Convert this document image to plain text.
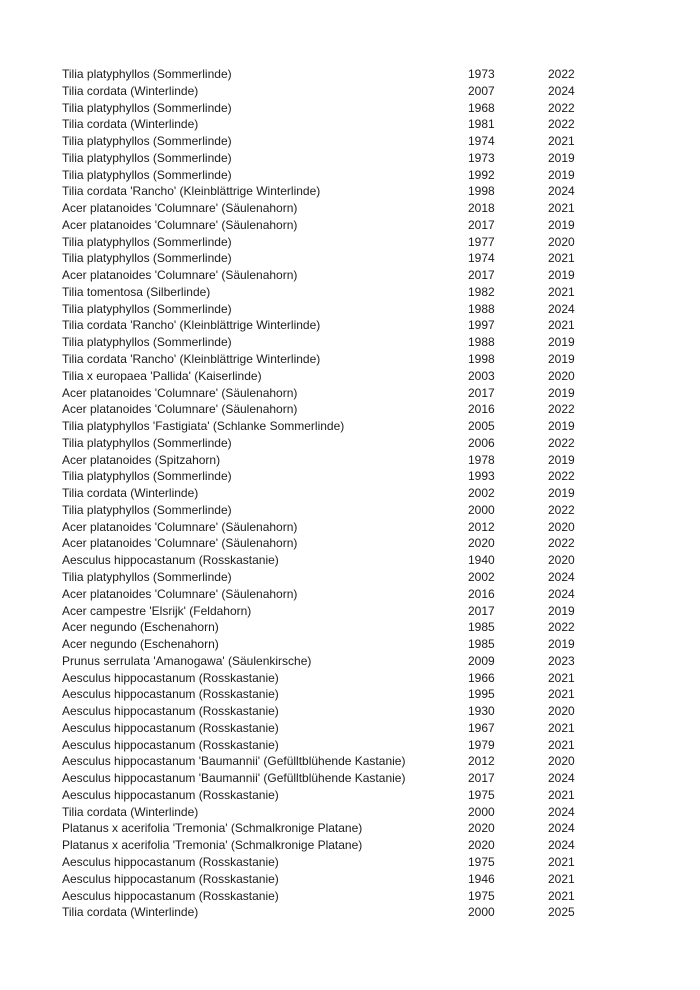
Tilia platyphyllos (Sommerlinde)	1973	2022
Tilia cordata (Winterlinde)	2007	2024
Tilia platyphyllos (Sommerlinde)	1968	2022
Tilia cordata (Winterlinde)	1981	2022
Tilia platyphyllos (Sommerlinde)	1974	2021
Tilia platyphyllos (Sommerlinde)	1973	2019
Tilia platyphyllos (Sommerlinde)	1992	2019
Tilia cordata 'Rancho' (Kleinblättrige Winterlinde)	1998	2024
Acer platanoides 'Columnare' (Säulenahorn)	2018	2021
Acer platanoides 'Columnare' (Säulenahorn)	2017	2019
Tilia platyphyllos (Sommerlinde)	1977	2020
Tilia platyphyllos (Sommerlinde)	1974	2021
Acer platanoides 'Columnare' (Säulenahorn)	2017	2019
Tilia tomentosa (Silberlinde)	1982	2021
Tilia platyphyllos (Sommerlinde)	1988	2024
Tilia cordata 'Rancho' (Kleinblättrige Winterlinde)	1997	2021
Tilia platyphyllos (Sommerlinde)	1988	2019
Tilia cordata 'Rancho' (Kleinblättrige Winterlinde)	1998	2019
Tilia x europaea 'Pallida' (Kaiserlinde)	2003	2020
Acer platanoides 'Columnare' (Säulenahorn)	2017	2019
Acer platanoides 'Columnare' (Säulenahorn)	2016	2022
Tilia platyphyllos 'Fastigiata' (Schlanke Sommerlinde)	2005	2019
Tilia platyphyllos (Sommerlinde)	2006	2022
Acer platanoides (Spitzahorn)	1978	2019
Tilia platyphyllos (Sommerlinde)	1993	2022
Tilia cordata (Winterlinde)	2002	2019
Tilia platyphyllos (Sommerlinde)	2000	2022
Acer platanoides 'Columnare' (Säulenahorn)	2012	2020
Acer platanoides 'Columnare' (Säulenahorn)	2020	2022
Aesculus hippocastanum (Rosskastanie)	1940	2020
Tilia platyphyllos (Sommerlinde)	2002	2024
Acer platanoides 'Columnare' (Säulenahorn)	2016	2024
Acer campestre 'Elsrijk' (Feldahorn)	2017	2019
Acer negundo (Eschenahorn)	1985	2022
Acer negundo (Eschenahorn)	1985	2019
Prunus serrulata 'Amanogawa' (Säulenkirsche)	2009	2023
Aesculus hippocastanum (Rosskastanie)	1966	2021
Aesculus hippocastanum (Rosskastanie)	1995	2021
Aesculus hippocastanum (Rosskastanie)	1930	2020
Aesculus hippocastanum (Rosskastanie)	1967	2021
Aesculus hippocastanum (Rosskastanie)	1979	2021
Aesculus hippocastanum 'Baumannii' (Gefülltblühende Kastanie)	2012	2020
Aesculus hippocastanum 'Baumannii' (Gefülltblühende Kastanie)	2017	2024
Aesculus hippocastanum (Rosskastanie)	1975	2021
Tilia cordata (Winterlinde)	2000	2024
Platanus x acerifolia 'Tremonia' (Schmalkronige Platane)	2020	2024
Platanus x acerifolia 'Tremonia' (Schmalkronige Platane)	2020	2024
Aesculus hippocastanum (Rosskastanie)	1975	2021
Aesculus hippocastanum (Rosskastanie)	1946	2021
Aesculus hippocastanum (Rosskastanie)	1975	2021
Tilia cordata (Winterlinde)	2000	2025
